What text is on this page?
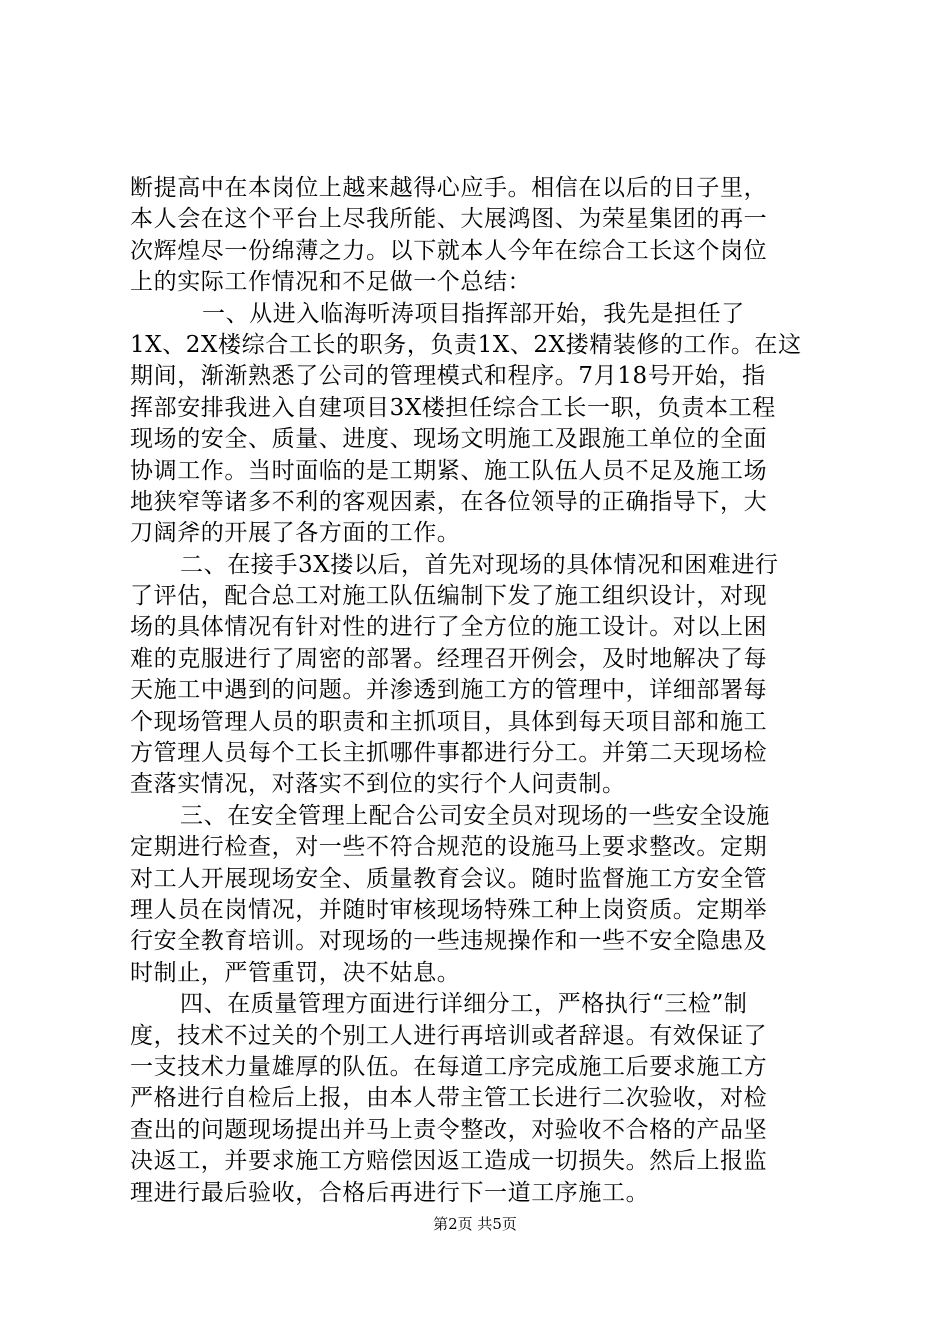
断提高中在本岗位上越来越得心应手。相信在以后的日子里，
本人会在这个平台上尽我所能、大展鸿图、为荣星集团的再一
次辉煌尽一份绵薄之力。以下就本人今年在综合工长这个岗位
上的实际工作情况和不足做一个总结：
一、从进入临海听涛项目指挥部开始，我先是担任了
1X、2X楼综合工长的职务，负责1X、2X搂精装修的工作。在这
期间，渐渐熟悉了公司的管理模式和程序。7月18号开始，指
挥部安排我进入自建项目3X楼担任综合工长一职，负责本工程
现场的安全、质量、进度、现场文明施工及跟施工单位的全面
协调工作。当时面临的是工期紧、施工队伍人员不足及施工场
地狭窄等诸多不利的客观因素，在各位领导的正确指导下，大
刀阔斧的开展了各方面的工作。
二、在接手3X搂以后，首先对现场的具体情况和困难进行
了评估，配合总工对施工队伍编制下发了施工组织设计，对现
场的具体情况有针对性的进行了全方位的施工设计。对以上困
难的克服进行了周密的部署。经理召开例会，及时地解决了每
天施工中遇到的问题。并渗透到施工方的管理中，详细部署每
个现场管理人员的职责和主抓项目，具体到每天项目部和施工
方管理人员每个工长主抓哪件事都进行分工。并第二天现场检
查落实情况，对落实不到位的实行个人问责制。
三、在安全管理上配合公司安全员对现场的一些安全设施
定期进行检查，对一些不符合规范的设施马上要求整改。定期
对工人开展现场安全、质量教育会议。随时监督施工方安全管
理人员在岗情况，并随时审核现场特殊工种上岗资质。定期举
行安全教育培训。对现场的一些违规操作和一些不安全隐患及
时制止，严管重罚，决不姑息。
四、在质量管理方面进行详细分工，严格执行“三检”制
度，技术不过关的个别工人进行再培训或者辞退。有效保证了
一支技术力量雄厚的队伍。在每道工序完成施工后要求施工方
严格进行自检后上报，由本人带主管工长进行二次验收，对检
查出的问题现场提出并马上责令整改，对验收不合格的产品坚
决返工，并要求施工方赔偿因返工造成一切损失。然后上报监
理进行最后验收，合格后再进行下一道工序施工。
第2页 共5页
